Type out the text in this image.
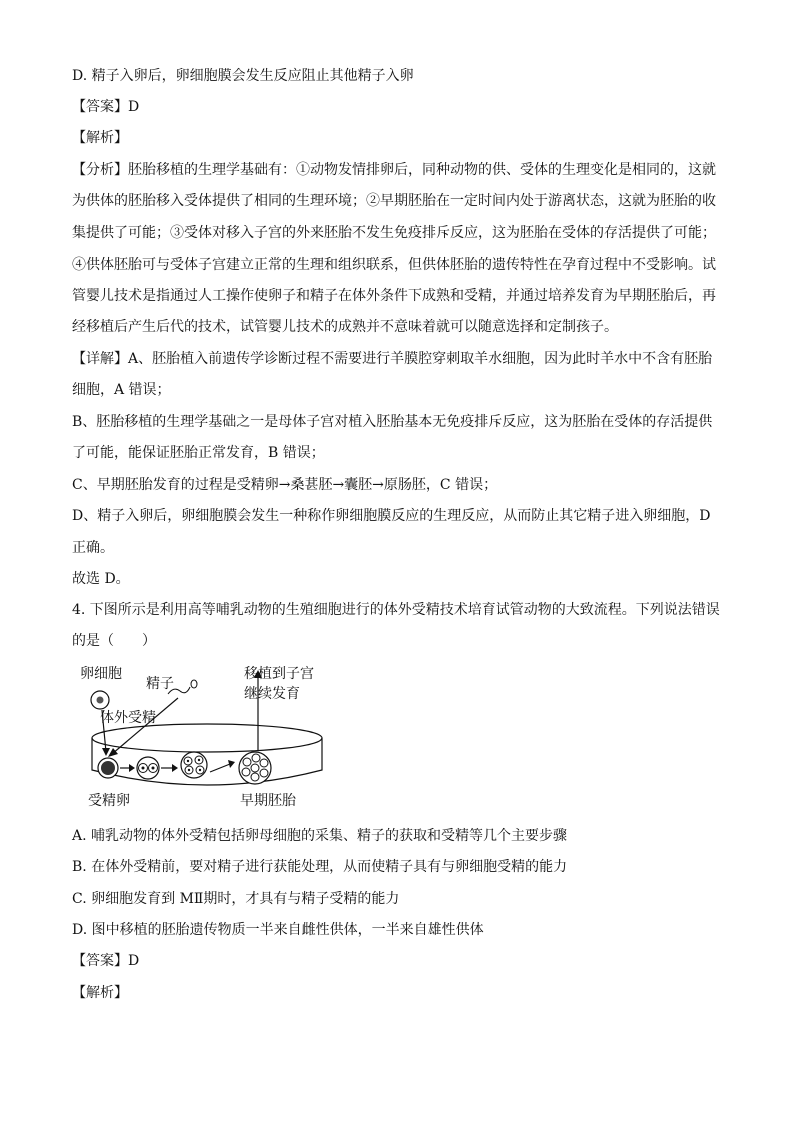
D. 精子入卵后，卵细胞膜会发生反应阻止其他精子入卵
【答案】D
【解析】
【分析】胚胎移植的生理学基础有：①动物发情排卵后，同种动物的供、受体的生理变化是相同的，这就
为供体的胚胎移入受体提供了相同的生理环境；②早期胚胎在一定时间内处于游离状态，这就为胚胎的收
集提供了可能；③受体对移入子宫的外来胚胎不发生免疫排斥反应，这为胚胎在受体的存活提供了可能；
④供体胚胎可与受体子宫建立正常的生理和组织联系，但供体胚胎的遗传特性在孕育过程中不受影响。试
管婴儿技术是指通过人工操作使卵子和精子在体外条件下成熟和受精，并通过培养发育为早期胚胎后，再
经移植后产生后代的技术，试管婴儿技术的成熟并不意味着就可以随意选择和定制孩子。
【详解】A、胚胎植入前遗传学诊断过程不需要进行羊膜腔穿刺取羊水细胞，因为此时羊水中不含有胚胎
细胞，A 错误；
B、胚胎移植的生理学基础之一是母体子宫对植入胚胎基本无免疫排斥反应，这为胚胎在受体的存活提供
了可能，能保证胚胎正常发育，B 错误；
C、早期胚胎发育的过程是受精卵→桑葚胚→囊胚→原肠胚，C 错误；
D、精子入卵后，卵细胞膜会发生一种称作卵细胞膜反应的生理反应，从而防止其它精子进入卵细胞，D
正确。
故选 D。
4. 下图所示是利用高等哺乳动物的生殖细胞进行的体外受精技术培育试管动物的大致流程。下列说法错误
的是（　　）
卵细胞
精子
体外受精
移植到子宫
继续发育
受精卵	早期胚胎
A. 哺乳动物的体外受精包括卵母细胞的采集、精子的获取和受精等几个主要步骤
B. 在体外受精前，要对精子进行获能处理，从而使精子具有与卵细胞受精的能力
C. 卵细胞发育到 MⅡ期时，才具有与精子受精的能力
D. 图中移植的胚胎遗传物质一半来自雌性供体，一半来自雄性供体
【答案】D
【解析】
